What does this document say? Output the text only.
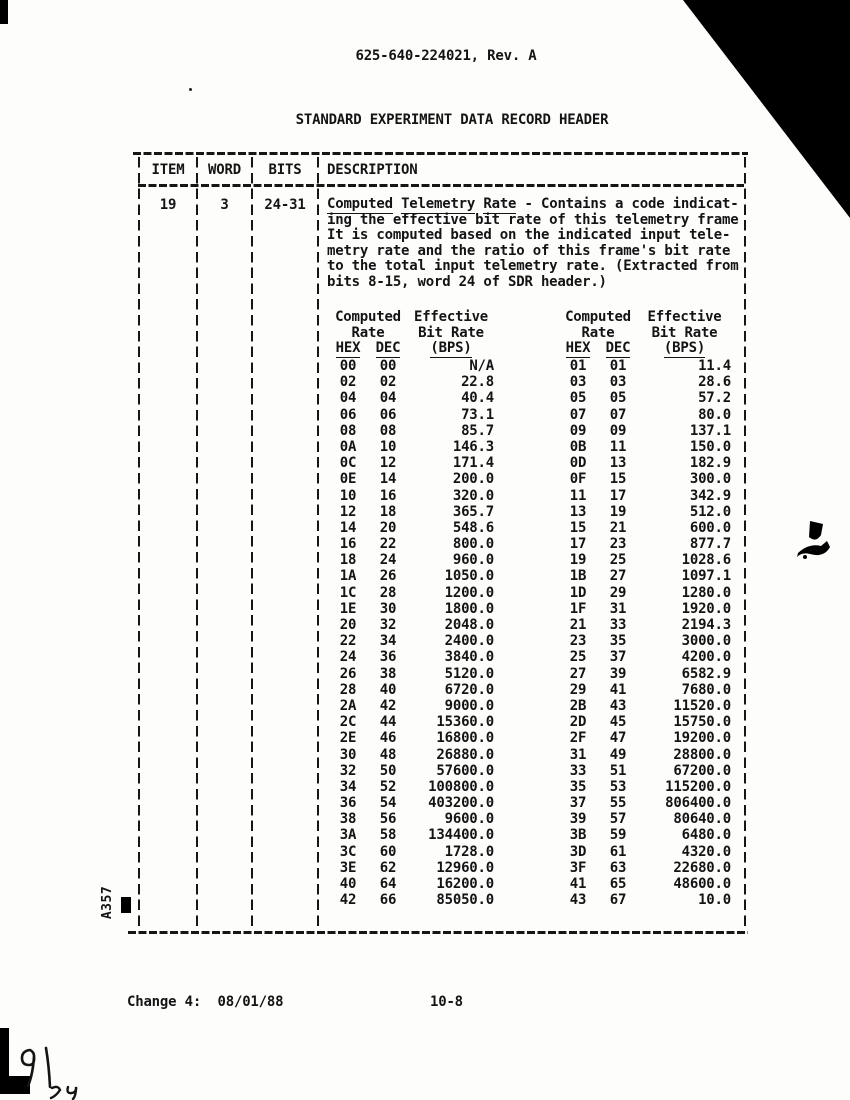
625-640-224021, Rev. A
STANDARD EXPERIMENT DATA RECORD HEADER
ITEM	WORD	BITS	DESCRIPTION
19	3	24-31	Computed Telemetry Rate - Contains a code indicat-
ing the effective bit rate of this telemetry frame
It is computed based on the indicated input tele-
metry rate and the ratio of this frame's bit rate
to the total input telemetry rate. (Extracted from
bits 8-15, word 24 of SDR header.)
Computed Effective	Computed	Effective
Rate	Bit Rate	Rate	Bit Rate
HEX	DEC	(BPS)	HEX	DEC	(BPS)
00	00	N/A	01	01	11.4
02	02	22.8	03	03	28.6
04	04	40.4	05	05	57.2
06	06	73.1	07	07	80.0
08	08	85.7	09	09	137.1
0A	10	146.3	0B	11	150.0
0C	12	171.4	0D	13	182.9
0E	14	200.0	0F	15	300.0
10	16	320.0	11	17	342.9
12	18	365.7	13	19	512.0
14	20	548.6	15	21	600.0
16	22	800.0	17	23	877.7
18	24	960.0	19	25	1028.6
1A	26	1050.0	1B	27	1097.1
1C	28	1200.0	1D	29	1280.0
1E	30	1800.0	1F	31	1920.0
20	32	2048.0	21	33	2194.3
22	34	2400.0	23	35	3000.0
24	36	3840.0	25	37	4200.0
26	38	5120.0	27	39	6582.9
28	40	6720.0	29	41	7680.0
2A	42	9000.0	2B	43	11520.0
2C	44	15360.0	2D	45	15750.0
2E	46	16800.0	2F	47	19200.0
30	48	26880.0	31	49	28800.0
32	50	57600.0	33	51	67200.0
34	52	100800.0	35	53	115200.0
36	54	403200.0	37	55	806400.0
38	56	9600.0	39	57	80640.0
3A	58	134400.0	3B	59	6480.0
3C	60	1728.0	3D	61	4320.0
3E	62	12960.0	3F	63	22680.0
40	64	16200.0	41	65	48600.0
42	66	85050.0	43	67	10.0
A357
Change 4:  08/01/88	10-8
